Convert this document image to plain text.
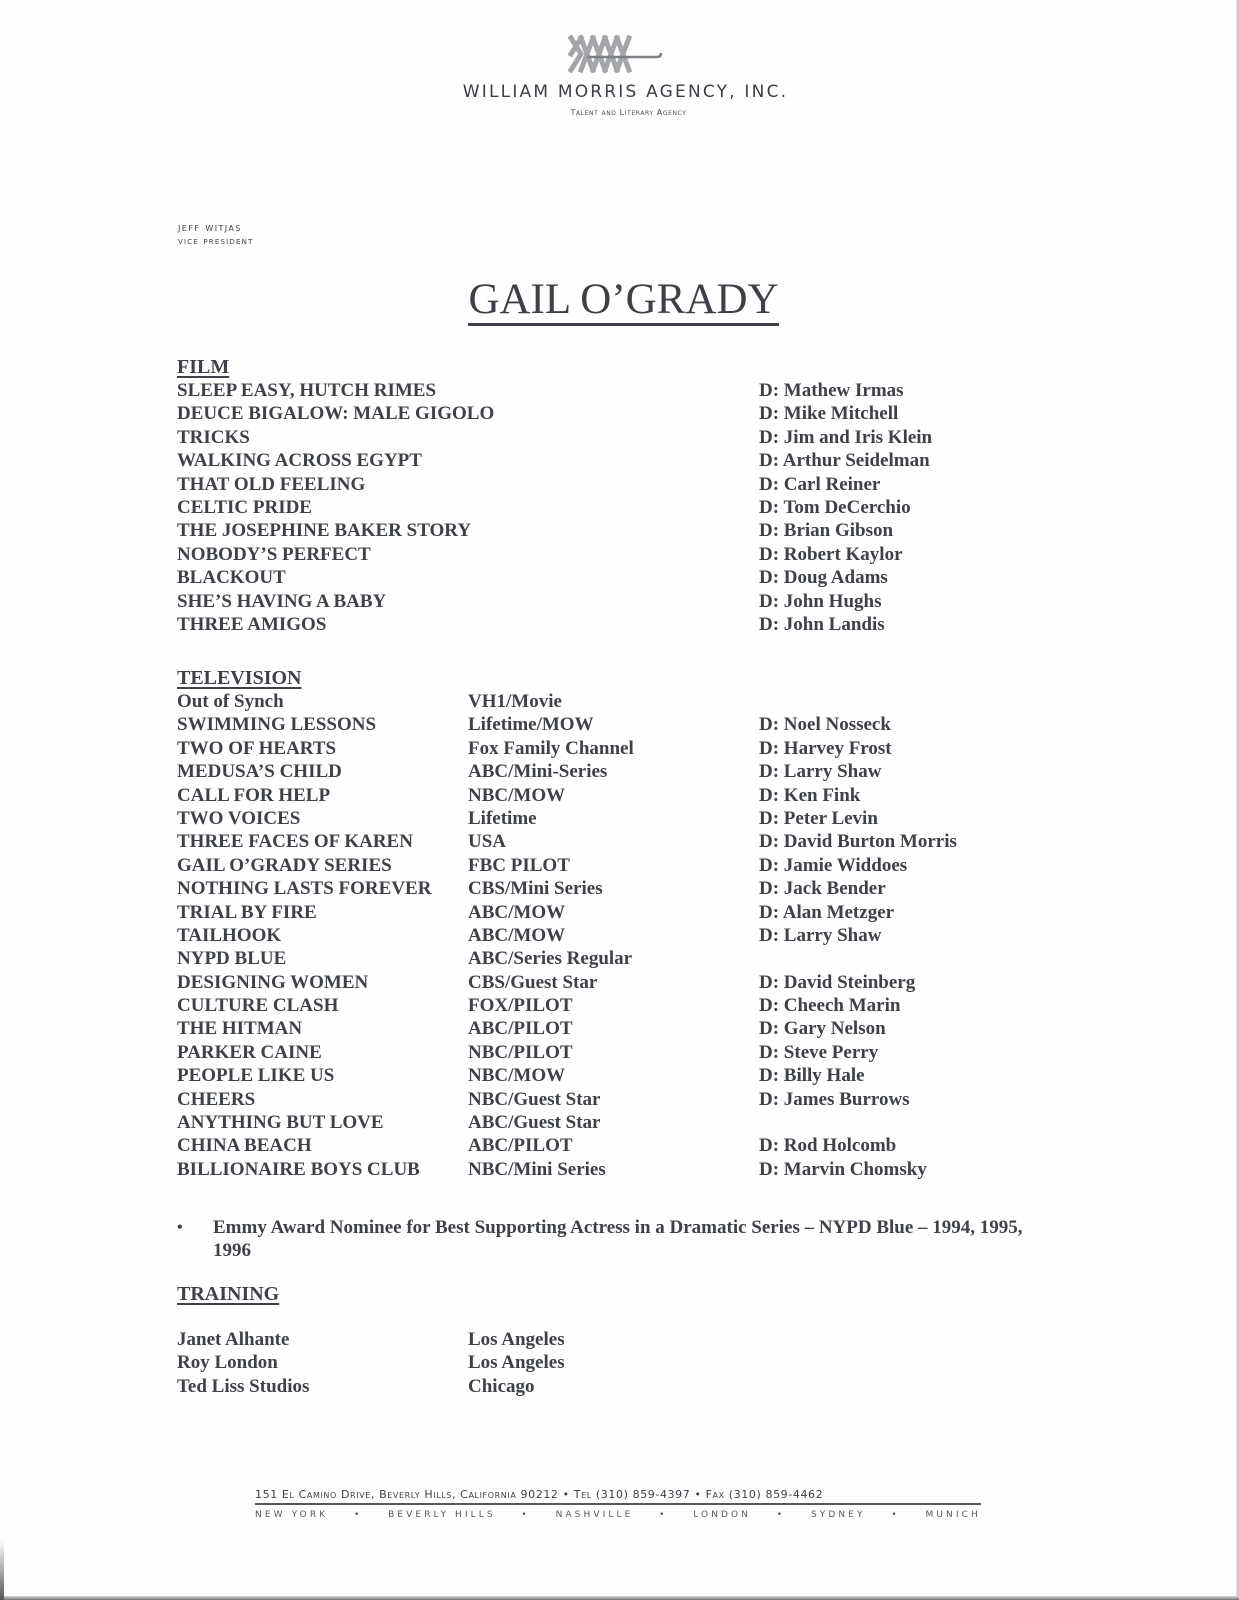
WILLIAM MORRIS AGENCY, INC.
Talent and Literary Agency
jeff witjas
vice president
GAIL O’GRADY
FILM
SLEEP EASY, HUTCH RIMES	D: Mathew Irmas
DEUCE BIGALOW: MALE GIGOLO	D: Mike Mitchell
TRICKS	D: Jim and Iris Klein
WALKING ACROSS EGYPT	D: Arthur Seidelman
THAT OLD FEELING	D: Carl Reiner
CELTIC PRIDE	D: Tom DeCerchio
THE JOSEPHINE BAKER STORY	D: Brian Gibson
NOBODY’S PERFECT	D: Robert Kaylor
BLACKOUT	D: Doug Adams
SHE’S HAVING A BABY	D: John Hughs
THREE AMIGOS	D: John Landis
TELEVISION
Out of Synch	VH1/Movie
SWIMMING LESSONS	Lifetime/MOW	D: Noel Nosseck
TWO OF HEARTS	Fox Family Channel	D: Harvey Frost
MEDUSA’S CHILD	ABC/Mini-Series	D: Larry Shaw
CALL FOR HELP	NBC/MOW	D: Ken Fink
TWO VOICES	Lifetime	D: Peter Levin
THREE FACES OF KAREN	USA	D: David Burton Morris
GAIL O’GRADY SERIES	FBC PILOT	D: Jamie Widdoes
NOTHING LASTS FOREVER CBS/Mini Series	D: Jack Bender
TRIAL BY FIRE	ABC/MOW	D: Alan Metzger
TAILHOOK	ABC/MOW	D: Larry Shaw
NYPD BLUE	ABC/Series Regular
DESIGNING WOMEN	CBS/Guest Star	D: David Steinberg
CULTURE CLASH	FOX/PILOT	D: Cheech Marin
THE HITMAN	ABC/PILOT	D: Gary Nelson
PARKER CAINE	NBC/PILOT	D: Steve Perry
PEOPLE LIKE US	NBC/MOW	D: Billy Hale
CHEERS	NBC/Guest Star	D: James Burrows
ANYTHING BUT LOVE	ABC/Guest Star
CHINA BEACH	ABC/PILOT	D: Rod Holcomb
BILLIONAIRE BOYS CLUB	NBC/Mini Series	D: Marvin Chomsky
• Emmy Award Nominee for Best Supporting Actress in a Dramatic Series – NYPD Blue – 1994, 1995, 1996
TRAINING
Janet Alhante	Los Angeles
Roy London	Los Angeles
Ted Liss Studios	Chicago
151 El Camino Drive, Beverly Hills, California 90212 • Tel (310) 859-4397 • Fax (310) 859-4462
NEW YORK	•	BEVERLY HILLS	•	NASHVILLE	•	LONDON	•	SYDNEY	•	MUNICH
